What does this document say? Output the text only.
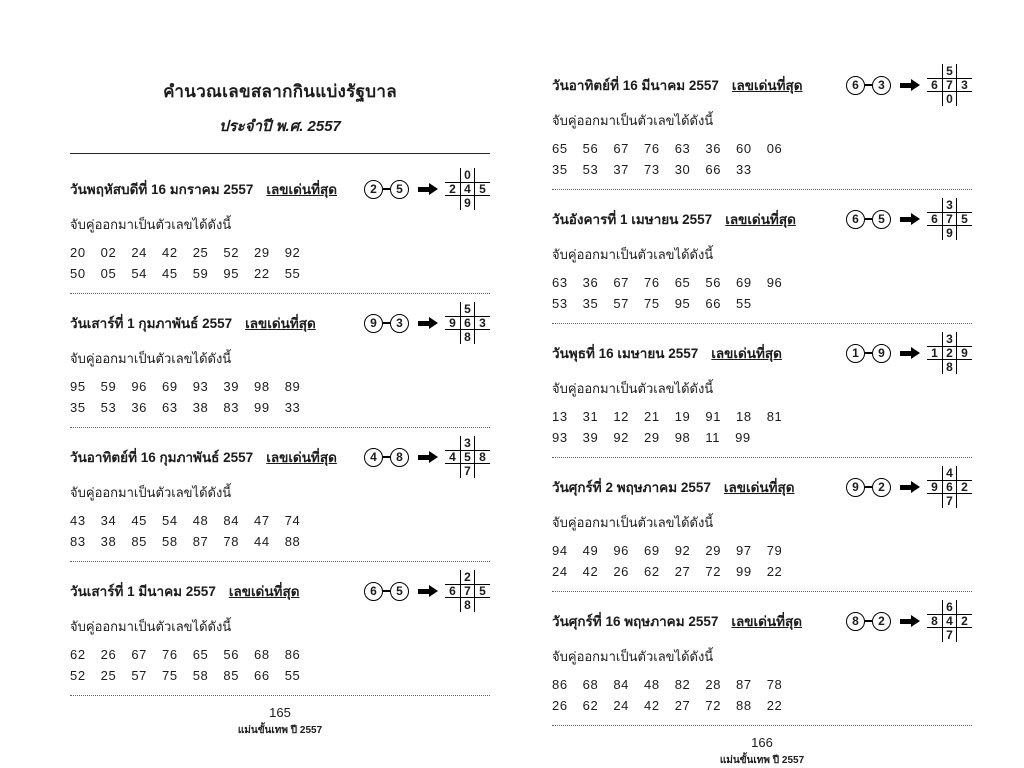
คำนวณเลขสลากกินแบ่งรัฐบาล
ประจำปี พ.ศ. 2557
วันพฤหัสบดีที่ 16 มกราคม 2557 เลขเด่นที่สุด	2	5
0
2 4 5
9
จับคู่ออกมาเป็นตัวเลขได้ดังนี้
20 02 24 42 25 52 29 92
50 05 54 45 59 95 22 55
วันเสาร์ที่ 1 กุมภาพันธ์ 2557 เลขเด่นที่สุด	9	3
5
9 6 3
8
จับคู่ออกมาเป็นตัวเลขได้ดังนี้
95 59 96 69 93 39 98 89
35 53 36 63 38 83 99 33
วันอาทิตย์ที่ 16 กุมภาพันธ์ 2557 เลขเด่นที่สุด	4	8
3
4 5 8
7
จับคู่ออกมาเป็นตัวเลขได้ดังนี้
43 34 45 54 48 84 47 74
83 38 85 58 87 78 44 88
วันเสาร์ที่ 1 มีนาคม 2557 เลขเด่นที่สุด	6	5
2
6 7 5
8
จับคู่ออกมาเป็นตัวเลขได้ดังนี้
62 26 67 76 65 56 68 86
52 25 57 75 58 85 66 55
165
แม่นขั้นเทพ ปี 2557
วันอาทิตย์ที่ 16 มีนาคม 2557 เลขเด่นที่สุด	6	3
5
6 7 3
0
จับคู่ออกมาเป็นตัวเลขได้ดังนี้
65 56 67 76 63 36 60 06
35 53 37 73 30 66 33
วันอังคารที่ 1 เมษายน 2557 เลขเด่นที่สุด	6	5
3
6 7 5
9
จับคู่ออกมาเป็นตัวเลขได้ดังนี้
63 36 67 76 65 56 69 96
53 35 57 75 95 66 55
วันพุธที่ 16 เมษายน 2557 เลขเด่นที่สุด	1	9
3
1 2 9
8
จับคู่ออกมาเป็นตัวเลขได้ดังนี้
13 31 12 21 19 91 18 81
93 39 92 29 98 11 99
วันศุกร์ที่ 2 พฤษภาคม 2557 เลขเด่นที่สุด	9	2
4
9 6 2
7
จับคู่ออกมาเป็นตัวเลขได้ดังนี้
94 49 96 69 92 29 97 79
24 42 26 62 27 72 99 22
วันศุกร์ที่ 16 พฤษภาคม 2557 เลขเด่นที่สุด	8	2
6
8 4 2
7
จับคู่ออกมาเป็นตัวเลขได้ดังนี้
86 68 84 48 82 28 87 78
26 62 24 42 27 72 88 22
166
แม่นขั้นเทพ ปี 2557
